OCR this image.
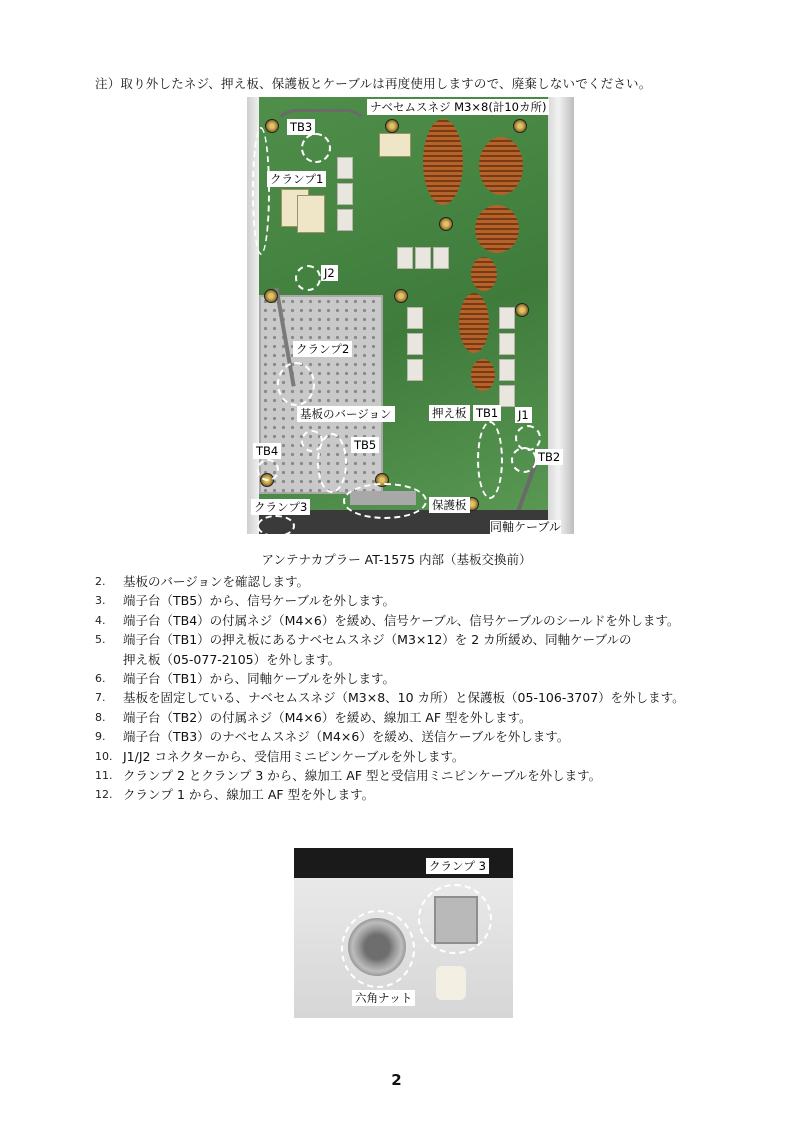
注）取り外したネジ、押え板、保護板とケーブルは再度使用しますので、廃棄しないでください。
ナベセムスネジ M3×8(計10カ所)
TB3
クランプ1
J2
クランプ2
基板のバージョン	押え板 TB1 J1
TB4	TB5
TB2
クランプ3	保護板
同軸ケーブル
アンテナカプラー AT-1575 内部（基板交換前）
2. 基板のバージョンを確認します。
3. 端子台（TB5）から、信号ケーブルを外します。
4. 端子台（TB4）の付属ネジ（M4×6）を緩め、信号ケーブル、信号ケーブルのシールドを外します。
5. 端子台（TB1）の押え板にあるナベセムスネジ（M3×12）を 2 カ所緩め、同軸ケーブルの
押え板（05-077-2105）を外します。
6. 端子台（TB1）から、同軸ケーブルを外します。
7. 基板を固定している、ナベセムスネジ（M3×8、10 カ所）と保護板（05-106-3707）を外します。
8. 端子台（TB2）の付属ネジ（M4×6）を緩め、線加工 AF 型を外します。
9. 端子台（TB3）のナベセムスネジ（M4×6）を緩め、送信ケーブルを外します。
10. J1/J2 コネクターから、受信用ミニピンケーブルを外します。
11. クランプ 2 とクランプ 3 から、線加工 AF 型と受信用ミニピンケーブルを外します。
12. クランプ 1 から、線加工 AF 型を外します。
クランプ 3
六角ナット
2
